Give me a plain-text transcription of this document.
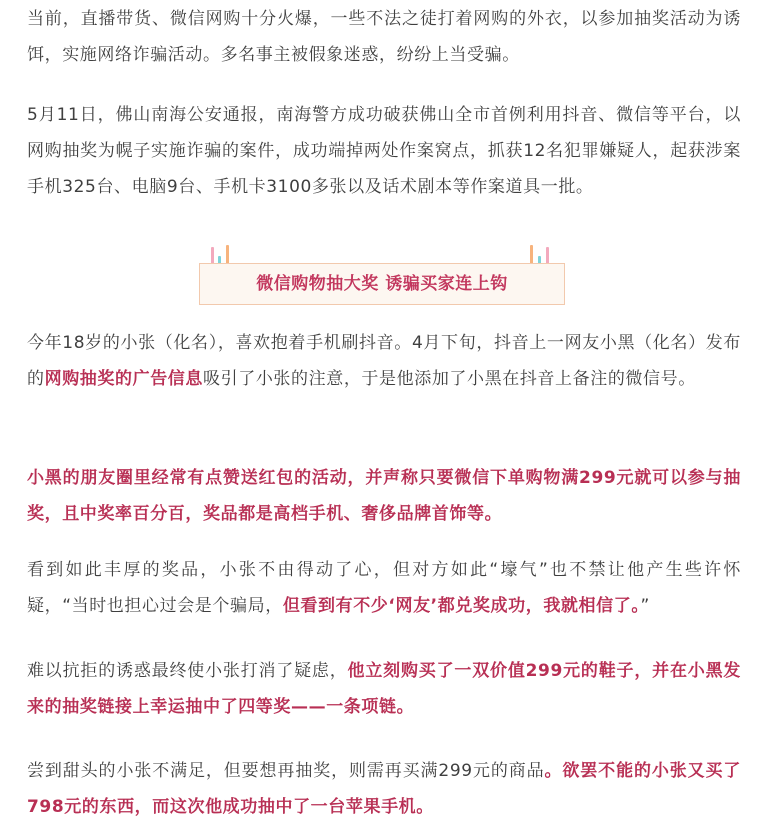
当前，直播带货、微信网购十分火爆，一些不法之徒打着网购的外衣，以参加抽奖活动为诱饵，实施网络诈骗活动。多名事主被假象迷惑，纷纷上当受骗。

5月11日，佛山南海公安通报，南海警方成功破获佛山全市首例利用抖音、微信等平台，以网购抽奖为幌子实施诈骗的案件，成功端掉两处作案窝点，抓获12名犯罪嫌疑人，起获涉案手机325台、电脑9台、手机卡3100多张以及话术剧本等作案道具一批。

微信购物抽大奖 诱骗买家连上钩

今年18岁的小张（化名），喜欢抱着手机刷抖音。4月下旬，抖音上一网友小黑（化名）发布的网购抽奖的广告信息吸引了小张的注意，于是他添加了小黑在抖音上备注的微信号。

小黑的朋友圈里经常有点赞送红包的活动，并声称只要微信下单购物满299元就可以参与抽奖，且中奖率百分百，奖品都是高档手机、奢侈品牌首饰等。

看到如此丰厚的奖品，小张不由得动了心，但对方如此“壕气”也不禁让他产生些许怀疑，“当时也担心过会是个骗局，但看到有不少‘网友’都兑奖成功，我就相信了。”

难以抗拒的诱惑最终使小张打消了疑虑，他立刻购买了一双价值299元的鞋子，并在小黑发来的抽奖链接上幸运抽中了四等奖——一条项链。

尝到甜头的小张不满足，但要想再抽奖，则需再买满299元的商品。欲罢不能的小张又买了798元的东西，而这次他成功抽中了一台苹果手机。
